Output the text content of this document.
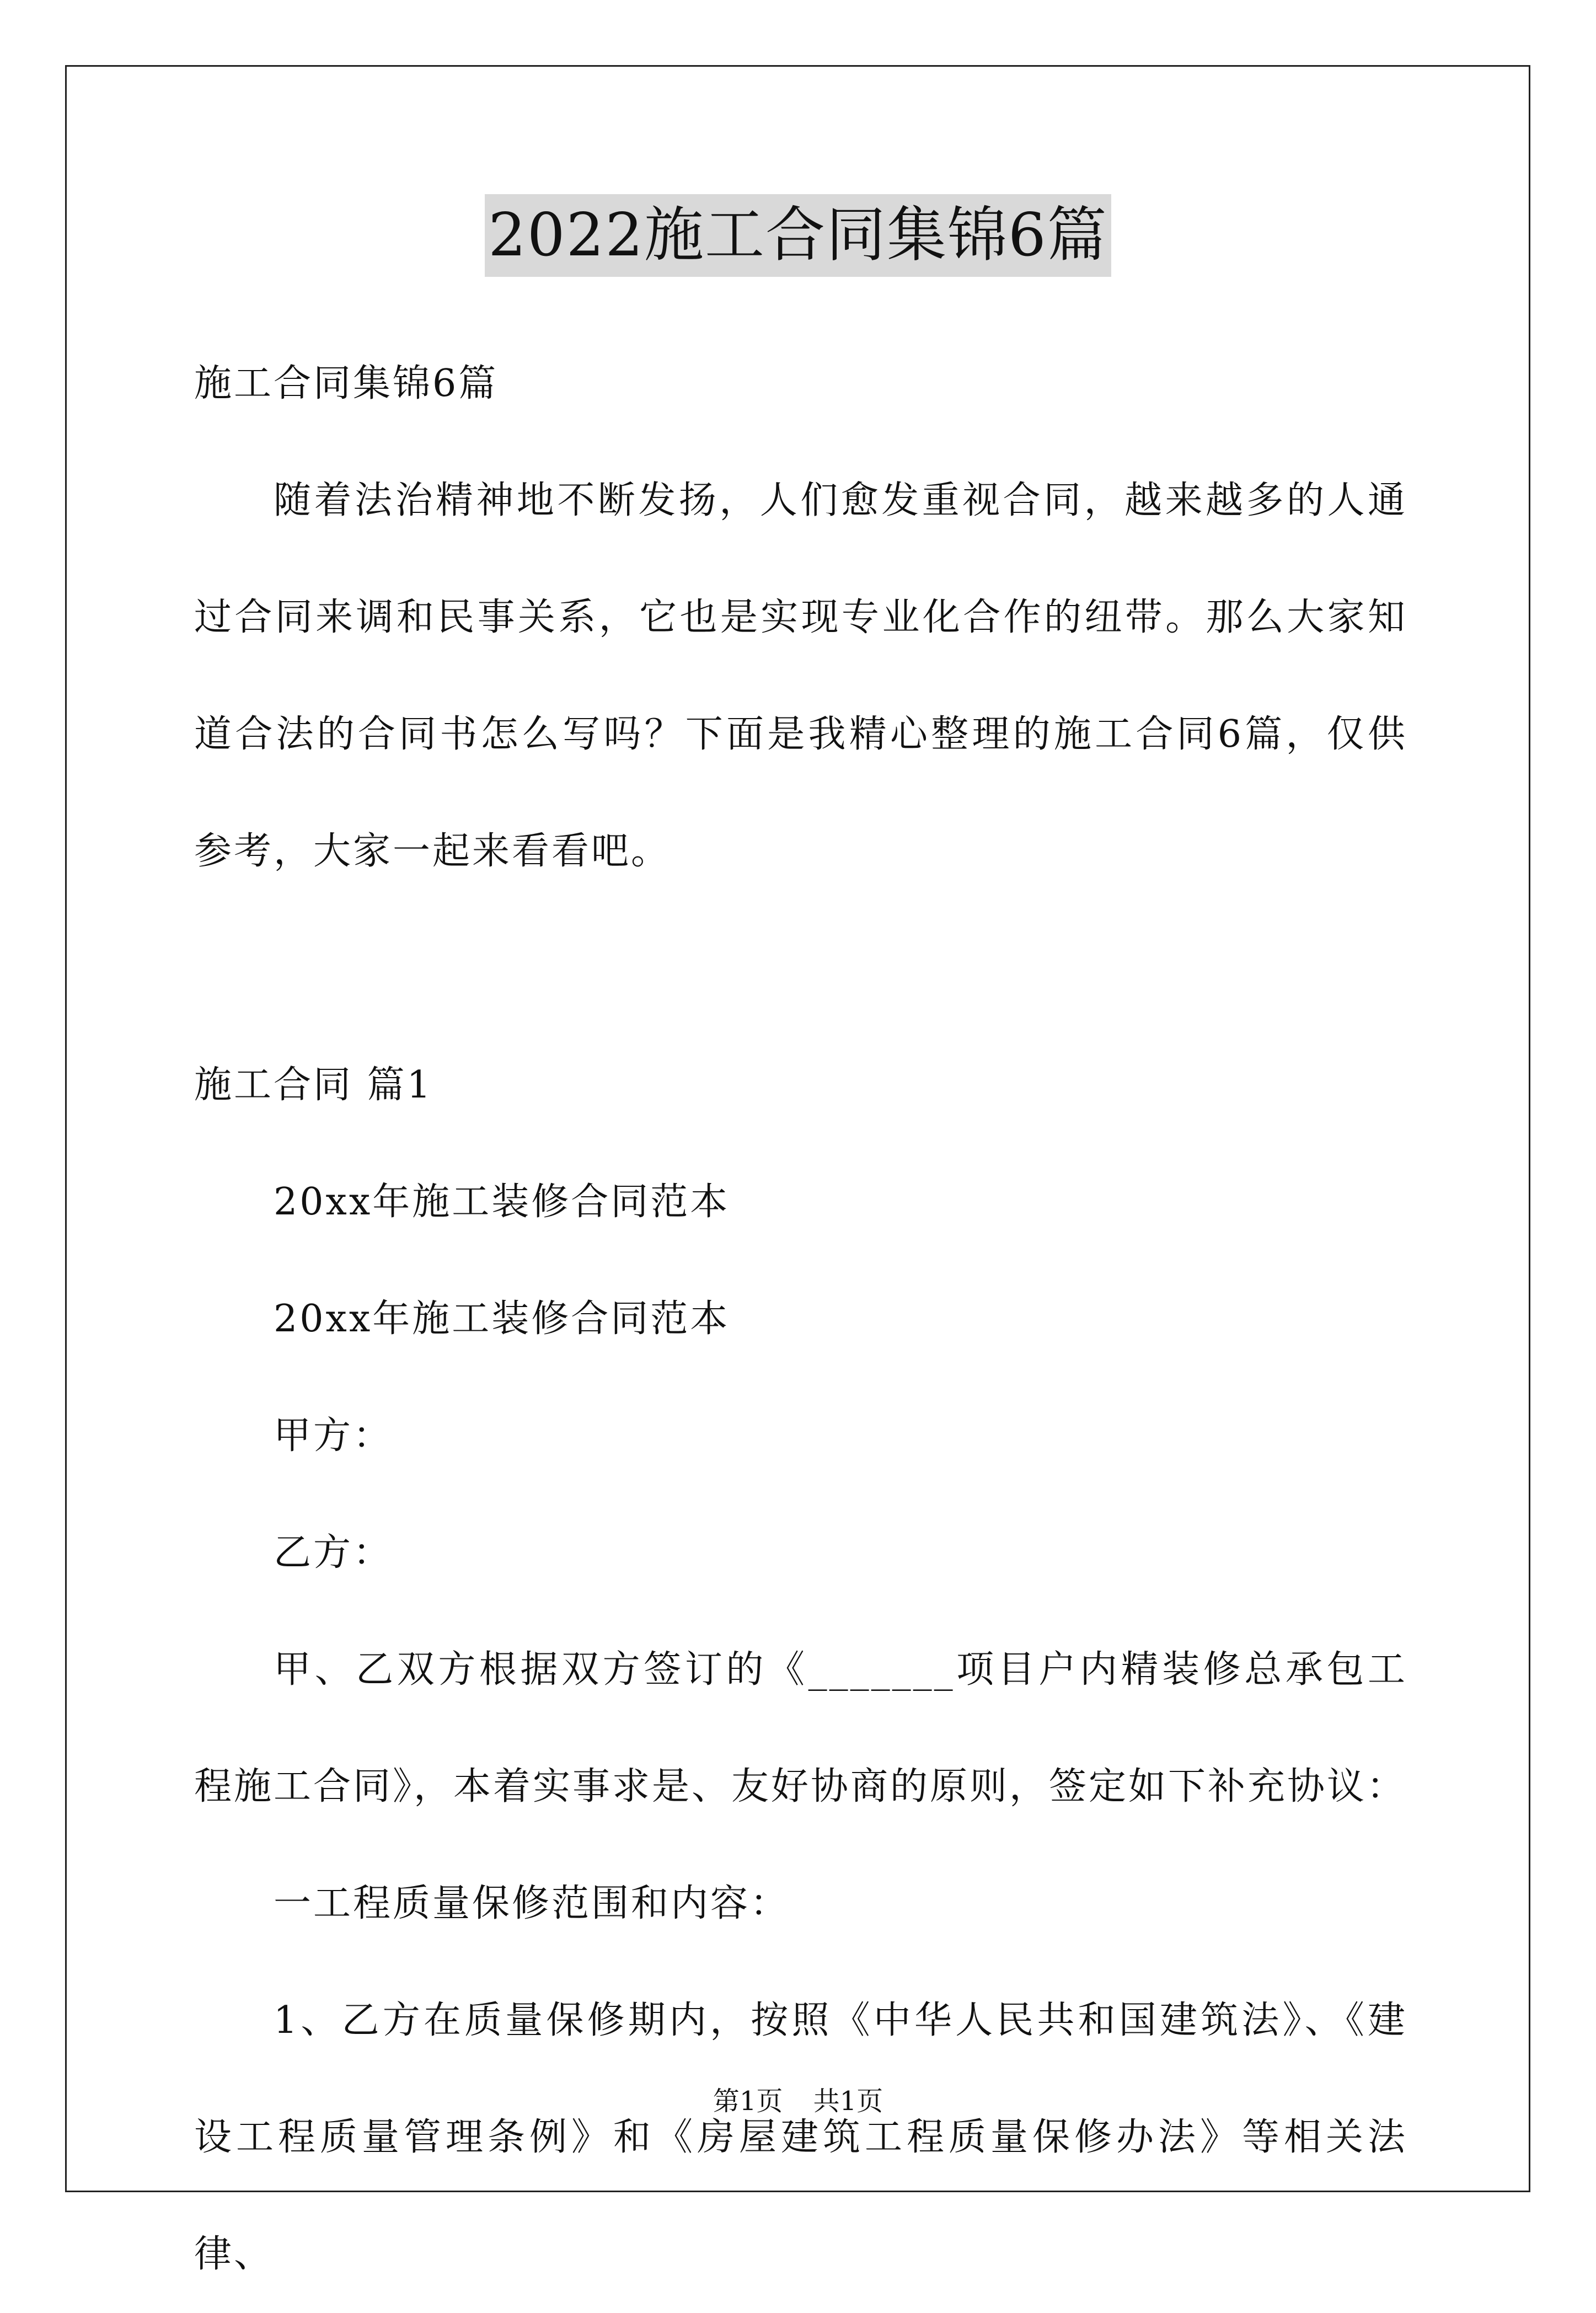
2022施工合同集锦6篇

施工合同集锦6篇

随着法治精神地不断发扬，人们愈发重视合同，越来越多的人通过合同来调和民事关系，它也是实现专业化合作的纽带。那么大家知道合法的合同书怎么写吗？下面是我精心整理的施工合同6篇，仅供参考，大家一起来看看吧。

施工合同 篇1

20xx年施工装修合同范本

20xx年施工装修合同范本

甲方：

乙方：

甲、乙双方根据双方签订的《_______项目户内精装修总承包工程施工合同》，本着实事求是、友好协商的原则，签定如下补充协议：

一工程质量保修范围和内容：

1、乙方在质量保修期内，按照《中华人民共和国建筑法》、《建设工程质量管理条例》和《房屋建筑工程质量保修办法》等相关法律、

第1页 共1页
